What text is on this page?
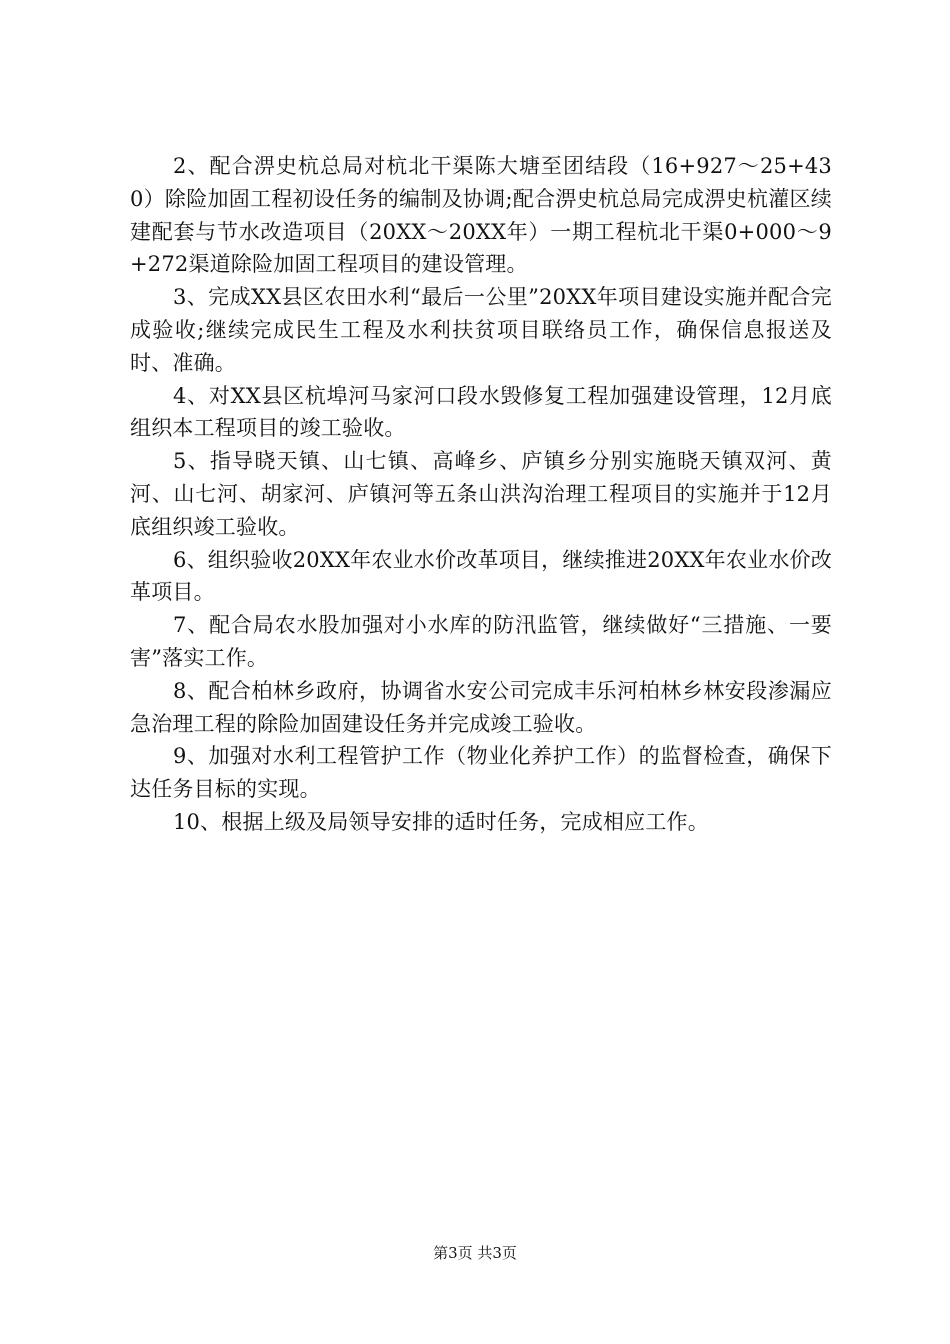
2、配合淠史杭总局对杭北干渠陈大塘至团结段（16+927～25+430）除险加固工程初设任务的编制及协调;配合淠史杭总局完成淠史杭灌区续建配套与节水改造项目（20XX～20XX年）一期工程杭北干渠0+000～9+272渠道除险加固工程项目的建设管理。

3、完成XX县区农田水利“最后一公里”20XX年项目建设实施并配合完成验收;继续完成民生工程及水利扶贫项目联络员工作，确保信息报送及时、准确。

4、对XX县区杭埠河马家河口段水毁修复工程加强建设管理，12月底组织本工程项目的竣工验收。

5、指导晓天镇、山七镇、高峰乡、庐镇乡分别实施晓天镇双河、黄河、山七河、胡家河、庐镇河等五条山洪沟治理工程项目的实施并于12月底组织竣工验收。

6、组织验收20XX年农业水价改革项目，继续推进20XX年农业水价改革项目。

7、配合局农水股加强对小水库的防汛监管，继续做好“三措施、一要害”落实工作。

8、配合柏林乡政府，协调省水安公司完成丰乐河柏林乡林安段渗漏应急治理工程的除险加固建设任务并完成竣工验收。

9、加强对水利工程管护工作（物业化养护工作）的监督检查，确保下达任务目标的实现。

10、根据上级及局领导安排的适时任务，完成相应工作。

第3页 共3页
